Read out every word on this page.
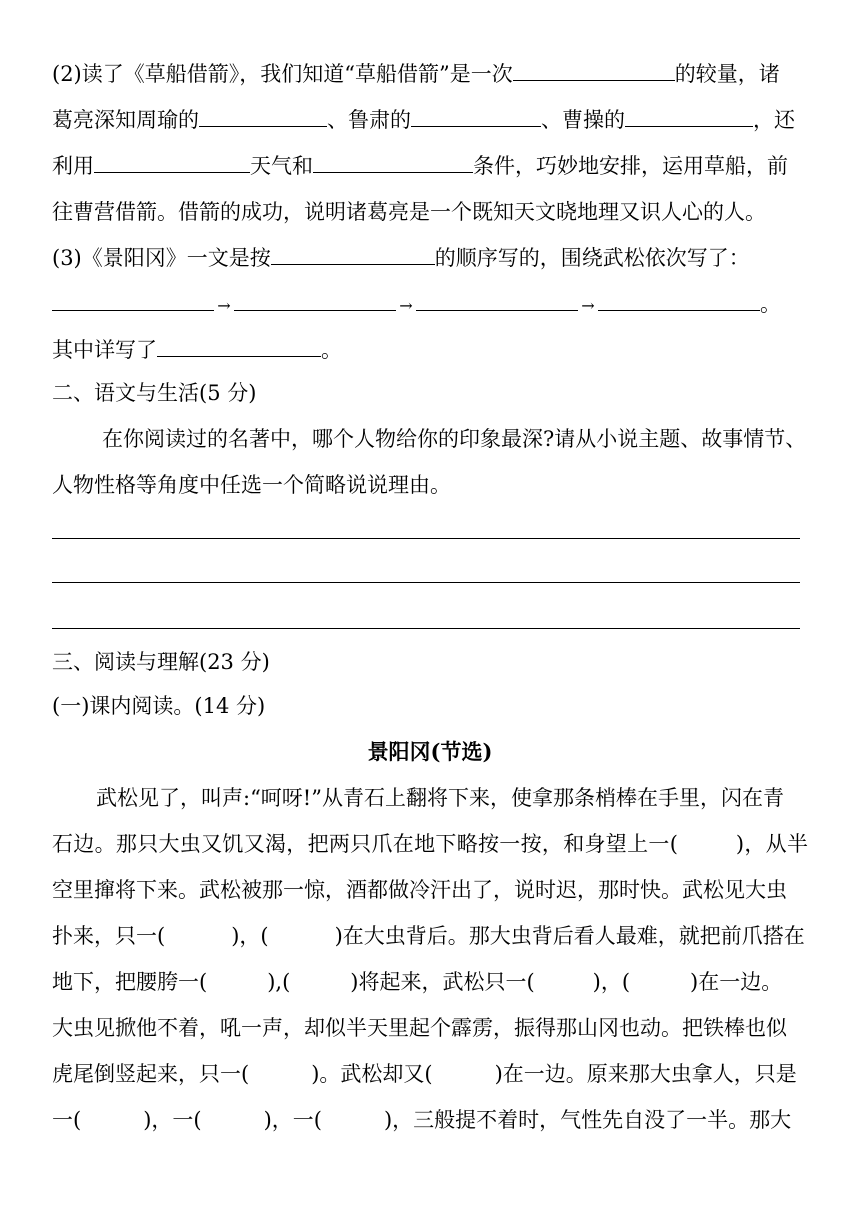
(2)读了《草船借箭》，我们知道“草船借箭”是一次	的较量，诸
葛亮深知周瑜的	、鲁肃的	、曹操的	，还
利用	天气和	条件，巧妙地安排，运用草船，前
往曹营借箭。借箭的成功，说明诸葛亮是一个既知天文晓地理又识人心的人。
(3)《景阳冈》一文是按	的顺序写的，围绕武松依次写了：
→	→	→	。
其中详写了	。
二、语文与生活(5 分)
在你阅读过的名著中，哪个人物给你的印象最深?请从小说主题、故事情节、
人物性格等角度中任选一个简略说说理由。
三、阅读与理解(23 分)
(一)课内阅读。(14 分)
景阳冈(节选)
武松见了，叫声:“呵呀!”从青石上翻将下来，使拿那条梢棒在手里，闪在青
石边。那只大虫又饥又渴，把两只爪在地下略按一按，和身望上一(	)，从半
空里撺将下来。武松被那一惊，酒都做冷汗出了，说时迟，那时快。武松见大虫
扑来，只一(	)，(	)在大虫背后。那大虫背后看人最难，就把前爪搭在
地下，把腰胯一(	),(	)将起来，武松只一(	)，(	)在一边。
大虫见掀他不着，吼一声，却似半天里起个霹雳，振得那山冈也动。把铁棒也似
虎尾倒竖起来，只一(	)。武松却又(	)在一边。原来那大虫拿人，只是
一(	)，一(	)，一(	)，三般提不着时，气性先自没了一半。那大
